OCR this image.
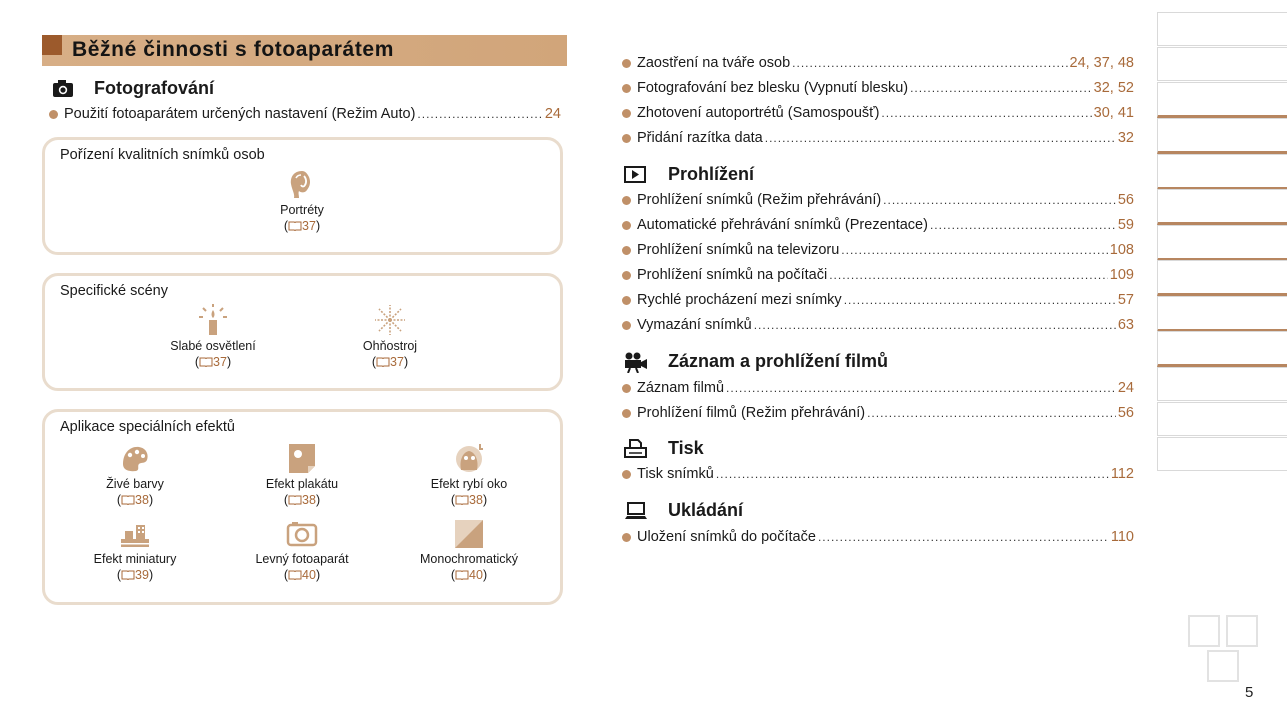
Běžné činnosti s fotoaparátem
Fotografování
Použití fotoaparátem určených nastavení (Režim Auto) .....	24
Pořízení kvalitních snímků osob
Portréty
( 37)
Specifické scény
Slabé osvětlení
( 37)
Ohňostroj
( 37)
Aplikace speciálních efektů
Živé barvy
( 38)
Efekt plakátu
( 38)
Efekt rybí oko
( 38)
Efekt miniatury
( 39)
Levný fotoaparát
( 40)
Monochromatický
( 40)
Zaostření na tváře osob .....	24, 37, 48
Fotografování bez blesku (Vypnutí blesku) .....	32, 52
Zhotovení autoportrétů (Samospoušť) .....	30, 41
Přidání razítka data .....	32
Prohlížení
Prohlížení snímků (Režim přehrávání) .....	56
Automatické přehrávání snímků (Prezentace) .....	59
Prohlížení snímků na televizoru .....	108
Prohlížení snímků na počítači .....	109
Rychlé procházení mezi snímky .....	57
Vymazání snímků .....	63
Záznam a prohlížení filmů
Záznam filmů .....	24
Prohlížení filmů (Režim přehrávání) .....	56
Tisk
Tisk snímků .....	112
Ukládání
Uložení snímků do počítače .....	110
5
